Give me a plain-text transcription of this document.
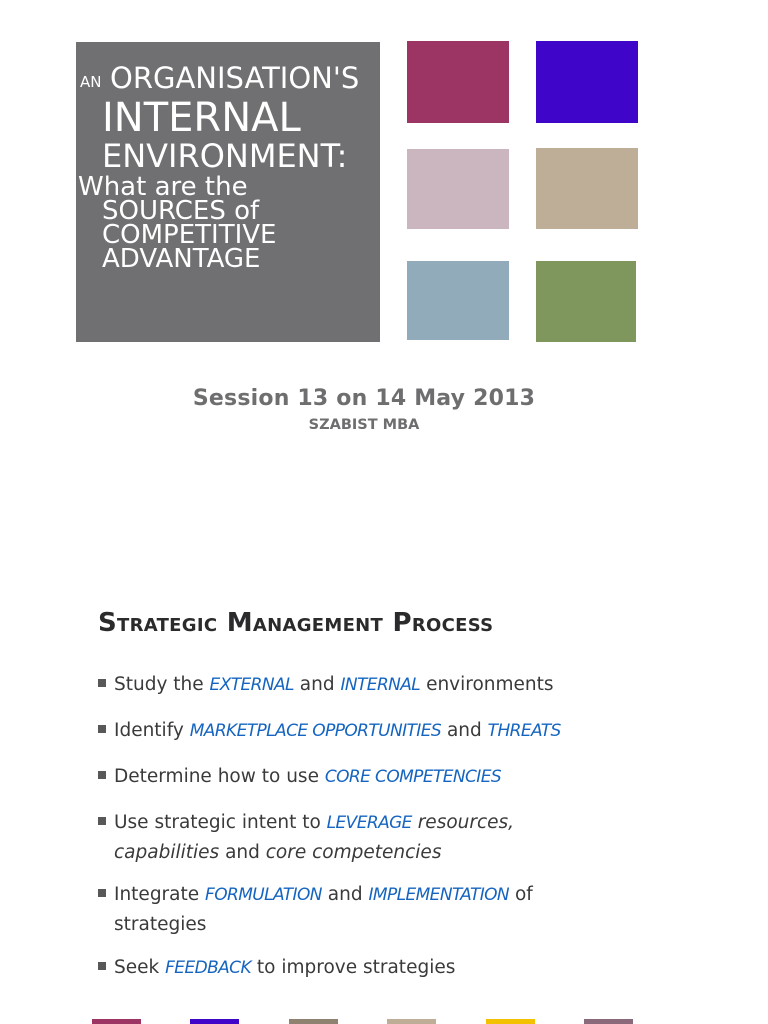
AN ORGANISATION'S
INTERNAL
ENVIRONMENT:
What are the
SOURCES of
COMPETITIVE
ADVANTAGE
Session 13 on 14 May 2013
SZABIST MBA
Strategic Management Process
Study the EXTERNAL and INTERNAL environments
Identify MARKETPLACE OPPORTUNITIES and THREATS
Determine how to use CORE COMPETENCIES
Use strategic intent to LEVERAGE resources,
capabilities and core competencies
Integrate FORMULATION and IMPLEMENTATION of
strategies
Seek FEEDBACK to improve strategies
